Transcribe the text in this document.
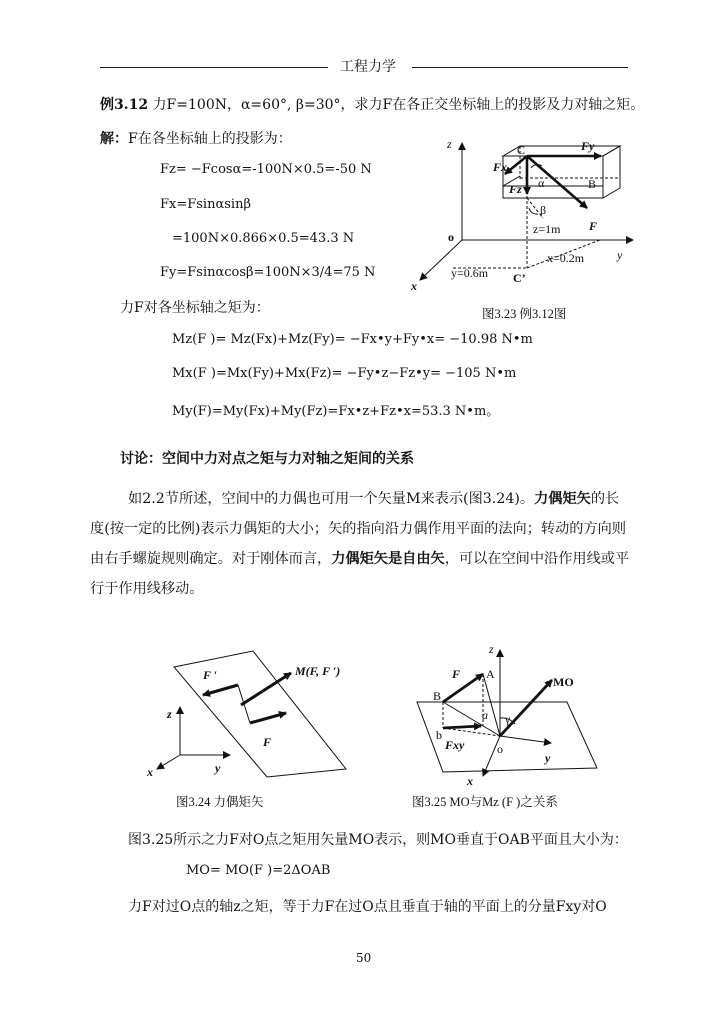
工程力学
例3.12 力F=100N，α=60°, β=30°，求力F在各正交坐标轴上的投影及力对轴之矩。
解：F在各坐标轴上的投影为：
Fz= −Fcosα=-100N×0.5=-50 N
Fx=Fsinαsinβ
=100N×0.866×0.5=43.3 N
Fy=Fsinαcosβ=100N×3/4=75 N
力F对各坐标轴之矩为：
Mz(F )= Mz(Fx)+Mz(Fy)= −Fx•y+Fy•x= −10.98 N•m
Mx(F )=Mx(Fy)+Mx(Fz)= −Fy•z−Fz•y= −105 N•m
My(F)=My(Fx)+My(Fz)=Fx•z+Fz•x=53.3 N•m。
z	C	Fy
Fx
α	B
Fz
β
z=1m F
o
x=0.2m	y
y=0.6m C’
x
图3.23 例3.12图
讨论：空间中力对点之矩与力对轴之矩间的关系
如2.2节所述，空间中的力偶也可用一个矢量M来表示(图3.24)。力偶矩矢的长度(按一定的比例)表示力偶矩的大小；矢的指向沿力偶作用平面的法向；转动的方向则由右手螺旋规则确定。对于刚体而言，力偶矩矢是自由矢，可以在空间中沿作用线或平行于作用线移动。
F ′	M(F, F ′)
z
F
y
x
图3.24 力偶矩矢
z
F A
MO
B
a γ
b
Fxy	o
y
x
图3.25 MO与Mz (F )之关系
图3.25所示之力F对O点之矩用矢量MO表示，则MO垂直于OAB平面且大小为：
MO= MO(F )=2ΔOAB
力F对过O点的轴z之矩，等于力F在过O点且垂直于轴的平面上的分量Fxy对O
50
